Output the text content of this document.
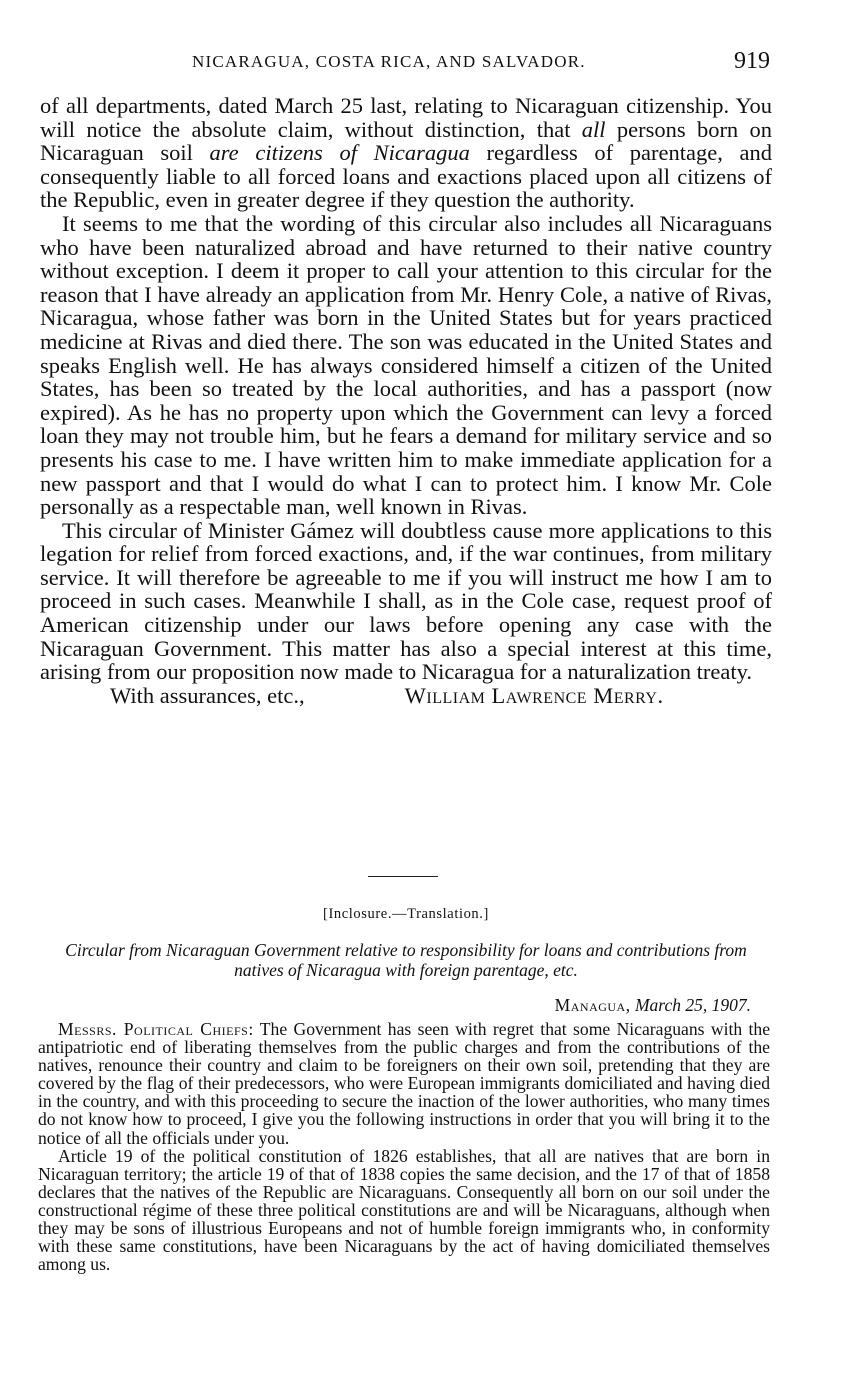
NICARAGUA, COSTA RICA, AND SALVADOR.	919

of all departments, dated March 25 last, relating to Nicaraguan citizenship. You will notice the absolute claim, without distinction, that all persons born on Nicaraguan soil are citizens of Nicaragua regardless of parentage, and consequently liable to all forced loans and exactions placed upon all citizens of the Republic, even in greater degree if they question the authority.

It seems to me that the wording of this circular also includes all Nicaraguans who have been naturalized abroad and have returned to their native country without exception. I deem it proper to call your attention to this circular for the reason that I have already an application from Mr. Henry Cole, a native of Rivas, Nicaragua, whose father was born in the United States but for years practiced medicine at Rivas and died there. The son was educated in the United States and speaks English well. He has always considered himself a citizen of the United States, has been so treated by the local authorities, and has a passport (now expired). As he has no property upon which the Government can levy a forced loan they may not trouble him, but he fears a demand for military service and so presents his case to me. I have written him to make immediate application for a new passport and that I would do what I can to protect him. I know Mr. Cole personally as a respectable man, well known in Rivas.

This circular of Minister Gámez will doubtless cause more applications to this legation for relief from forced exactions, and, if the war continues, from military service. It will therefore be agreeable to me if you will instruct me how I am to proceed in such cases. Meanwhile I shall, as in the Cole case, request proof of American citizenship under our laws before opening any case with the Nicaraguan Government. This matter has also a special interest at this time, arising from our proposition now made to Nicaragua for a naturalization treaty.

With assurances, etc.,	William Lawrence Merry.
[Inclosure.—Translation.]
Circular from Nicaraguan Government relative to responsibility for loans and contributions from natives of Nicaragua with foreign parentage, etc.
Managua, March 25, 1907.

Messrs. Political Chiefs: The Government has seen with regret that some Nicaraguans with the antipatriotic end of liberating themselves from the public charges and from the contributions of the natives, renounce their country and claim to be foreigners on their own soil, pretending that they are covered by the flag of their predecessors, who were European immigrants domiciliated and having died in the country, and with this proceeding to secure the inaction of the lower authorities, who many times do not know how to proceed, I give you the following instructions in order that you will bring it to the notice of all the officials under you.

Article 19 of the political constitution of 1826 establishes, that all are natives that are born in Nicaraguan territory; the article 19 of that of 1838 copies the same decision, and the 17 of that of 1858 declares that the natives of the Republic are Nicaraguans. Consequently all born on our soil under the constructional régime of these three political constitutions are and will be Nicaraguans, although when they may be sons of illustrious Europeans and not of humble foreign immigrants who, in conformity with these same constitutions, have been Nicaraguans by the act of having domiciliated themselves among us.
